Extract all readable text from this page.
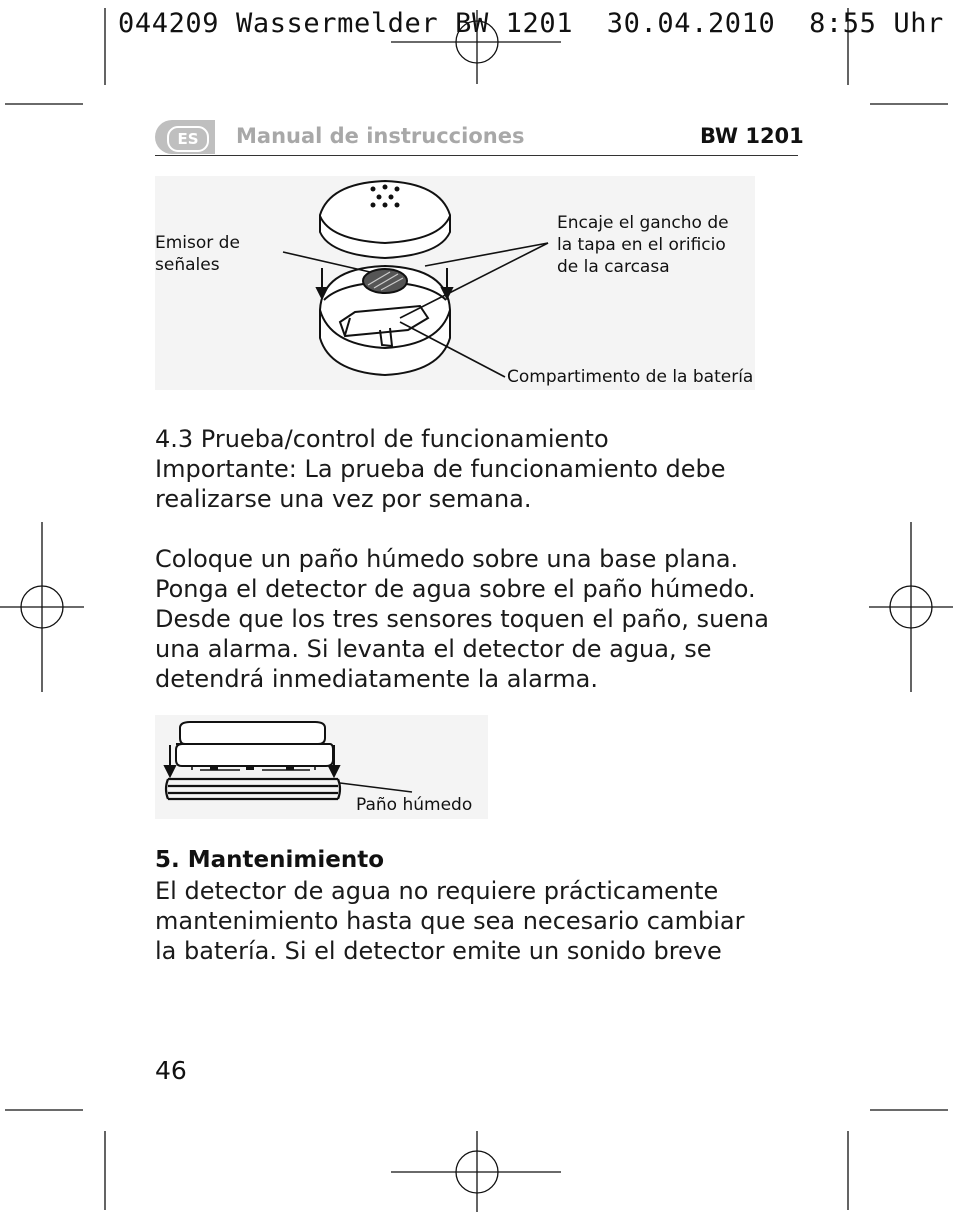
044209 Wassermelder BW 1201  30.04.2010  8:55 Uhr
ES	Manual de instrucciones	BW 1201
Emisor de
señales
Encaje el gancho de
la tapa en el orificio
de la carcasa
Compartimento de la batería
4.3 Prueba/control de funcionamiento
Importante: La prueba de funcionamiento debe
realizarse una vez por semana.
Coloque un paño húmedo sobre una base plana.
Ponga el detector de agua sobre el paño húmedo.
Desde que los tres sensores toquen el paño, suena
una alarma. Si levanta el detector de agua, se
detendrá inmediatamente la alarma.
Paño húmedo
5. Mantenimiento
El detector de agua no requiere prácticamente
mantenimiento hasta que sea necesario cambiar
la batería. Si el detector emite un sonido breve
46
